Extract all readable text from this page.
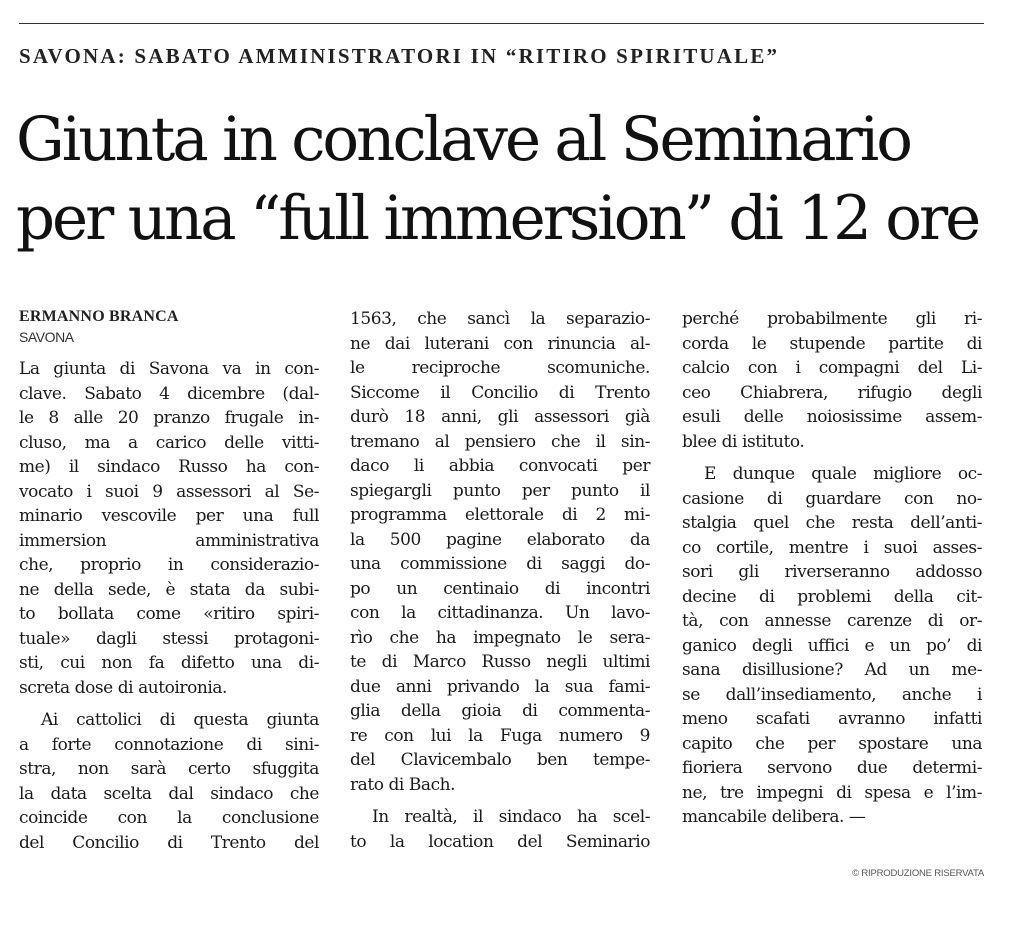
SAVONA: SABATO AMMINISTRATORI IN “RITIRO SPIRITUALE”
Giunta in conclave al Seminario
per una “full immersion” di 12 ore
ERMANNO BRANCA
SAVONA
La giunta di Savona va in con-
clave. Sabato 4 dicembre (dal-
le 8 alle 20 pranzo frugale in-
cluso, ma a carico delle vitti-
me) il sindaco Russo ha con-
vocato i suoi 9 assessori al Se-
minario vescovile per una full
immersion amministrativa
che, proprio in considerazio-
ne della sede, è stata da subi-
to bollata come «ritiro spiri-
tuale» dagli stessi protagoni-
sti, cui non fa difetto una di-
screta dose di autoironia.
Ai cattolici di questa giunta
a forte connotazione di sini-
stra, non sarà certo sfuggita
la data scelta dal sindaco che
coincide con la conclusione
del Concilio di Trento del
1563, che sancì la separazio-
ne dai luterani con rinuncia al-
le reciproche scomuniche.
Siccome il Concilio di Trento
durò 18 anni, gli assessori già
tremano al pensiero che il sin-
daco li abbia convocati per
spiegargli punto per punto il
programma elettorale di 2 mi-
la 500 pagine elaborato da
una commissione di saggi do-
po un centinaio di incontri
con la cittadinanza. Un lavo-
rìo che ha impegnato le sera-
te di Marco Russo negli ultimi
due anni privando la sua fami-
glia della gioia di commenta-
re con lui la Fuga numero 9
del Clavicembalo ben tempe-
rato di Bach.
In realtà, il sindaco ha scel-
to la location del Seminario
perché probabilmente gli ri-
corda le stupende partite di
calcio con i compagni del Li-
ceo Chiabrera, rifugio degli
esuli delle noiosissime assem-
blee di istituto.
E dunque quale migliore oc-
casione di guardare con no-
stalgia quel che resta dell’anti-
co cortile, mentre i suoi asses-
sori gli riverseranno addosso
decine di problemi della cit-
tà, con annesse carenze di or-
ganico degli uffici e un po’ di
sana disillusione? Ad un me-
se dall’insediamento, anche i
meno scafati avranno infatti
capito che per spostare una
fioriera servono due determi-
ne, tre impegni di spesa e l’im-
mancabile delibera. —
© RIPRODUZIONE RISERVATA
